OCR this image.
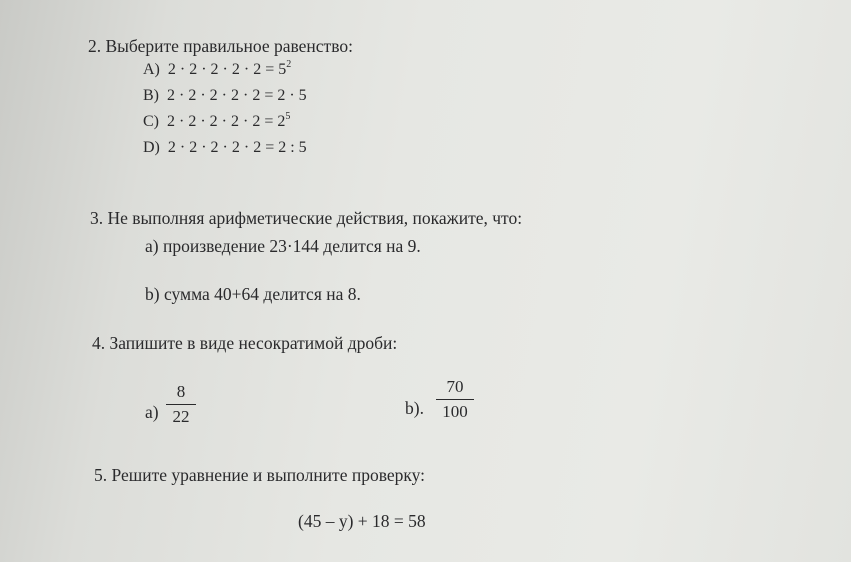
2. Выберите правильное равенство:
A) $2 \cdot 2 \cdot 2 \cdot 2 \cdot 2 = 5^2$
B) 2 · 2 · 2 · 2 · 2 = 2 · 5
C) $2 \cdot 2 \cdot 2 \cdot 2 \cdot 2 = 2^5$
D) 2 · 2 · 2 · 2 · 2 = 2 : 5
3. Не выполняя арифметические действия, покажите, что:
а) произведение 23·144 делится на 9.
b) сумма 40+64 делится на 8.
4. Запишите в виде несократимой дроби:
a)
8
22	b).
70
100
5. Решите уравнение и выполните проверку:
(45 – y) + 18 = 58
